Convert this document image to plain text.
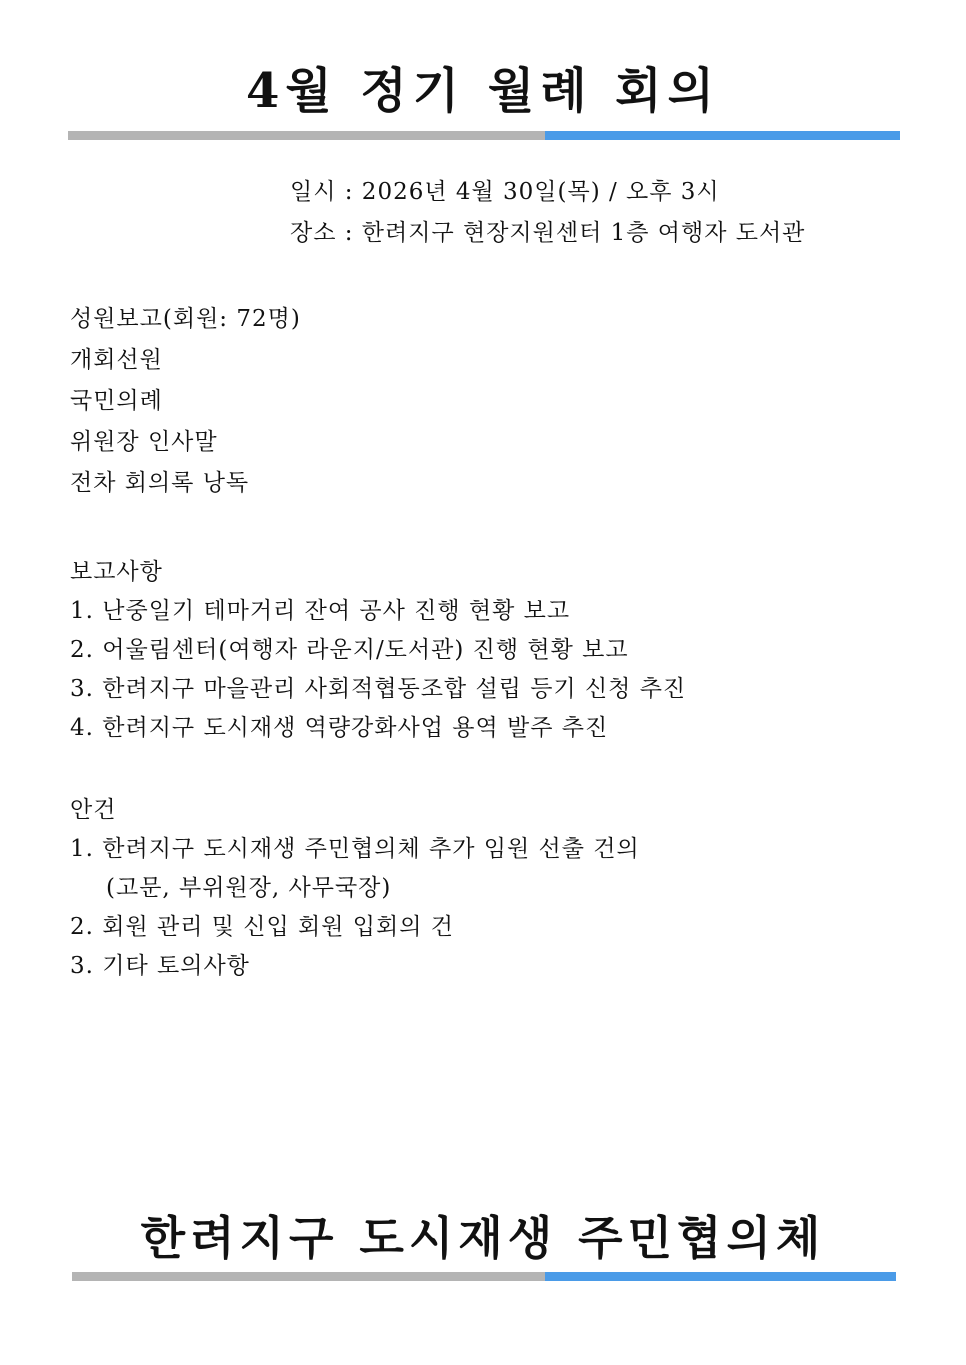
4월 정기 월례 회의
일시 : 2026년 4월 30일(목) / 오후 3시
장소 : 한려지구 현장지원센터 1층 여행자 도서관
성원보고(회원: 72명)
개회선원
국민의례
위원장 인사말
전차 회의록 낭독
보고사항
1. 난중일기 테마거리 잔여 공사 진행 현황 보고
2. 어울림센터(여행자 라운지/도서관) 진행 현황 보고
3. 한려지구 마을관리 사회적협동조합 설립 등기 신청 추진
4. 한려지구 도시재생 역량강화사업 용역 발주 추진
안건
1. 한려지구 도시재생 주민협의체 추가 임원 선출 건의
(고문, 부위원장, 사무국장)
2. 회원 관리 및 신입 회원 입회의 건
3. 기타 토의사항
한려지구 도시재생 주민협의체
